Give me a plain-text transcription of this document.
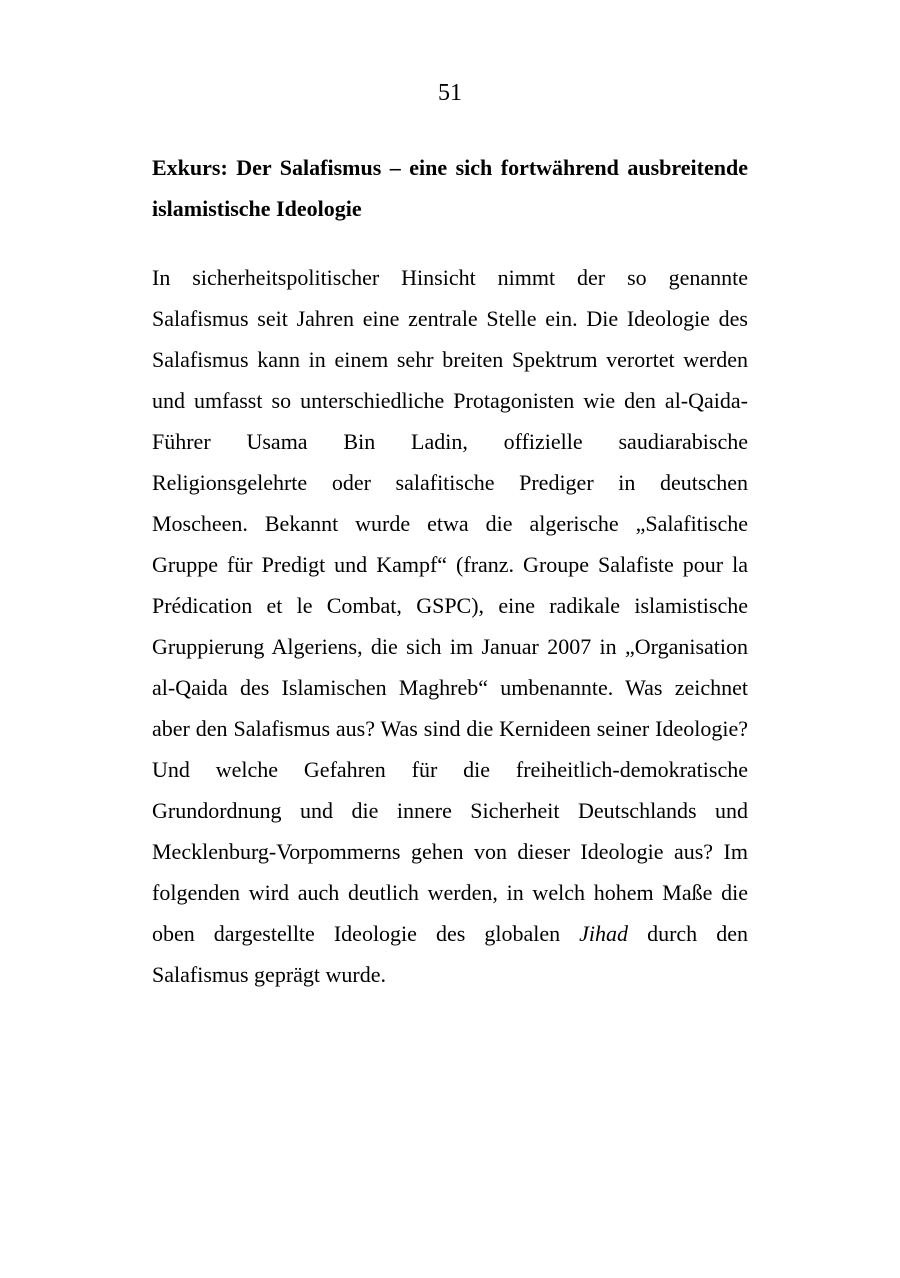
51
Exkurs: Der Salafismus – eine sich fortwährend ausbreitende islamistische Ideologie

In sicherheitspolitischer Hinsicht nimmt der so genannte Salafismus seit Jahren eine zentrale Stelle ein. Die Ideologie des Salafismus kann in einem sehr breiten Spektrum verortet werden und umfasst so unterschiedliche Protagonisten wie den al-Qaida-Führer Usama Bin Ladin, offizielle saudiarabische Religionsgelehrte oder salafitische Prediger in deutschen Moscheen. Bekannt wurde etwa die algerische „Salafitische Gruppe für Predigt und Kampf“ (franz. Groupe Salafiste pour la Prédication et le Combat, GSPC), eine radikale islamistische Gruppierung Algeriens, die sich im Januar 2007 in „Organisation al-Qaida des Islamischen Maghreb“ umbenannte. Was zeichnet aber den Salafismus aus? Was sind die Kernideen seiner Ideologie? Und welche Gefahren für die freiheitlich-demokratische Grundordnung und die innere Sicherheit Deutschlands und Mecklenburg-Vorpommerns gehen von dieser Ideologie aus? Im folgenden wird auch deutlich werden, in welch hohem Maße die oben dargestellte Ideologie des globalen Jihad durch den Salafismus geprägt wurde.
